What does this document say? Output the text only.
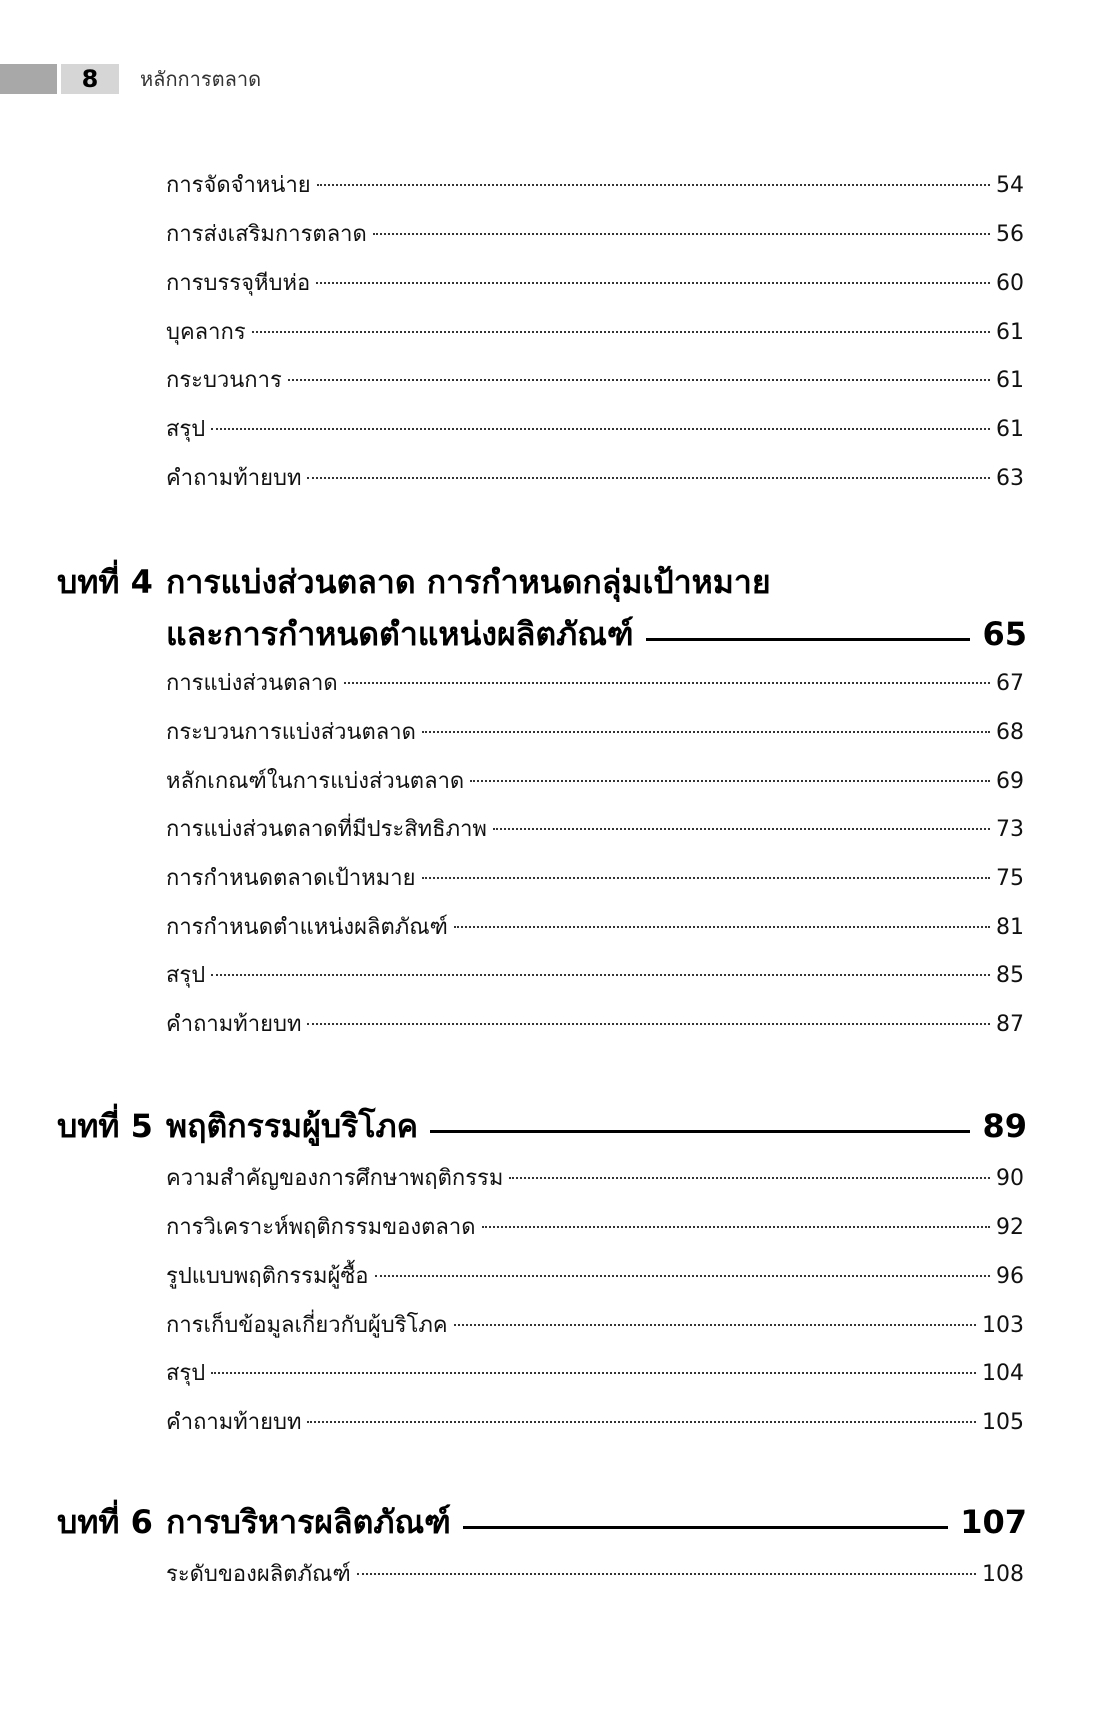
8	หลักการตลาด
การจัดจำหน่าย	54
การส่งเสริมการตลาด	56
การบรรจุหีบห่อ	60
บุคลากร	61
กระบวนการ	61
สรุป	61
คำถามท้ายบท	63
บทที่ 4 การแบ่งส่วนตลาด การกำหนดกลุ่มเป้าหมาย
และการกำหนดตำแหน่งผลิตภัณฑ์	65
การแบ่งส่วนตลาด	67
กระบวนการแบ่งส่วนตลาด	68
หลักเกณฑ์ในการแบ่งส่วนตลาด	69
การแบ่งส่วนตลาดที่มีประสิทธิภาพ	73
การกำหนดตลาดเป้าหมาย	75
การกำหนดตำแหน่งผลิตภัณฑ์	81
สรุป	85
คำถามท้ายบท	87
บทที่ 5 พฤติกรรมผู้บริโภค	89
ความสำคัญของการศึกษาพฤติกรรม	90
การวิเคราะห์พฤติกรรมของตลาด	92
รูปแบบพฤติกรรมผู้ซื้อ	96
การเก็บข้อมูลเกี่ยวกับผู้บริโภค	103
สรุป	104
คำถามท้ายบท	105
บทที่ 6 การบริหารผลิตภัณฑ์	107
ระดับของผลิตภัณฑ์	108
